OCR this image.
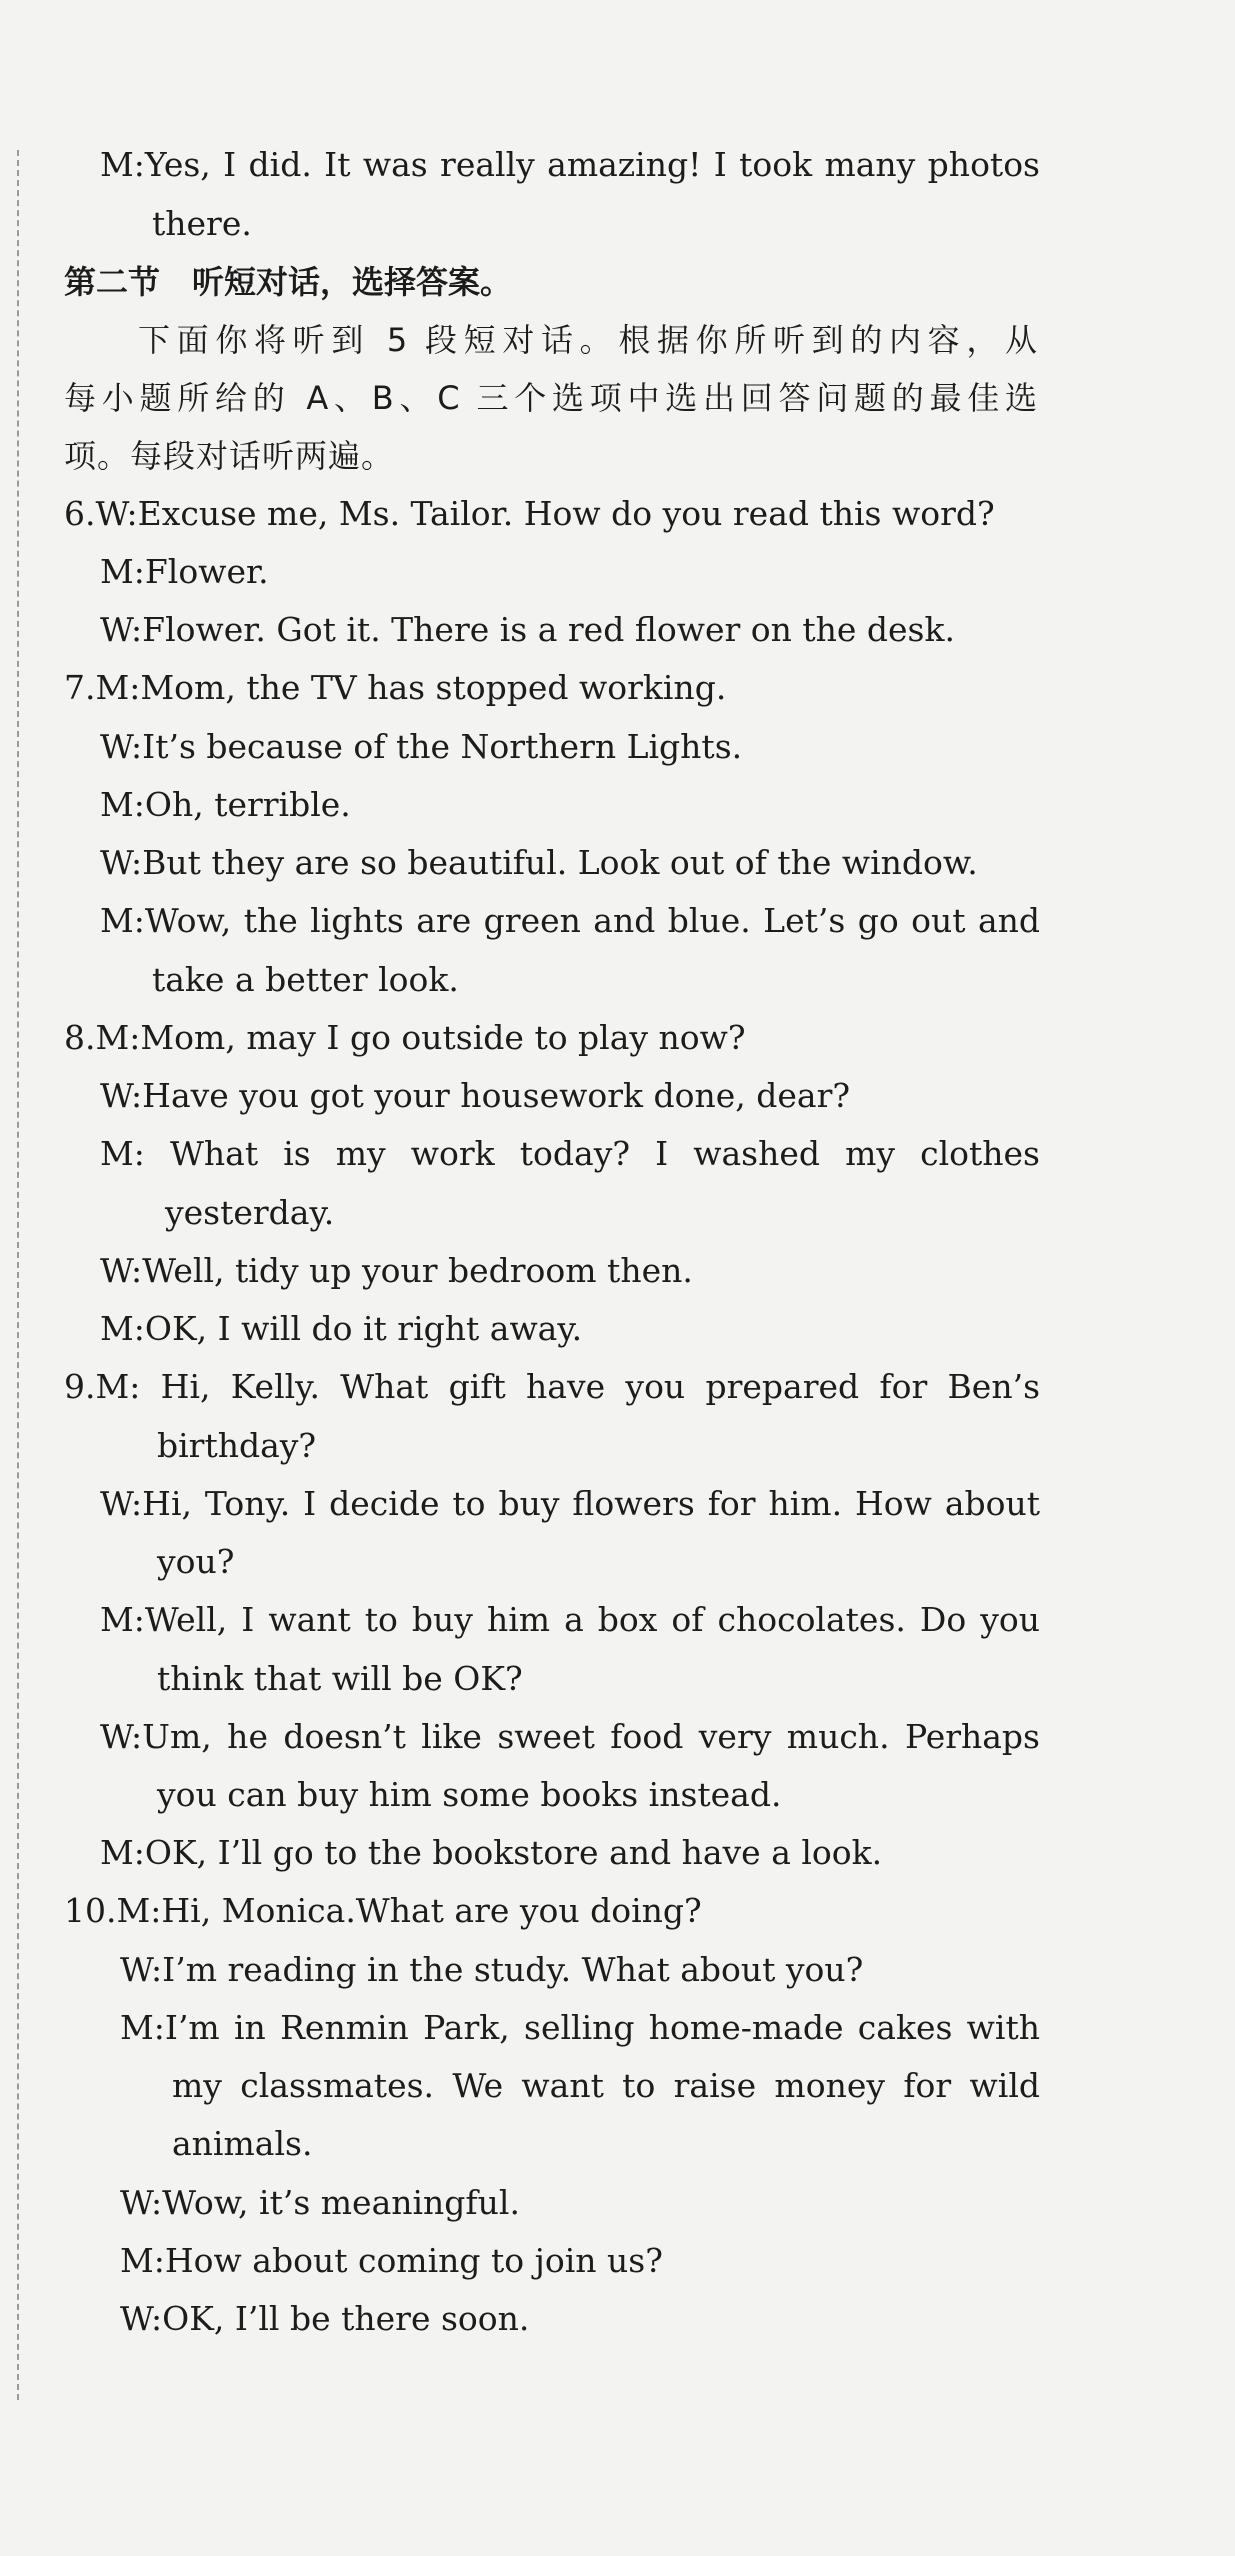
M:Yes, I did. It was really amazing! I took many photos

there.

第二节　听短对话，选择答案。

下面你将听到 5 段短对话。根据你所听到的内容，从

每小题所给的 A、B、C 三个选项中选出回答问题的最佳选

项。每段对话听两遍。

6.W:Excuse me, Ms. Tailor. How do you read this word?

M:Flower.

W:Flower. Got it. There is a red flower on the desk.

7.M:Mom, the TV has stopped working.

W:It’s because of the Northern Lights.

M:Oh, terrible.

W:But they are so beautiful. Look out of the window.

M:Wow, the lights are green and blue. Let’s go out and

take a better look.

8.M:Mom, may I go outside to play now?

W:Have you got your housework done, dear?

M: What is my work today? I washed my clothes

yesterday.

W:Well, tidy up your bedroom then.

M:OK, I will do it right away.

9.M: Hi, Kelly. What gift have you prepared for Ben’s

birthday?

W:Hi, Tony. I decide to buy flowers for him. How about

you?

M:Well, I want to buy him a box of chocolates. Do you

think that will be OK?

W:Um, he doesn’t like sweet food very much. Perhaps

you can buy him some books instead.

M:OK, I’ll go to the bookstore and have a look.

10.M:Hi, Monica.What are you doing?

W:I’m reading in the study. What about you?

M:I’m in Renmin Park, selling home-made cakes with

my classmates. We want to raise money for wild

animals.

W:Wow, it’s meaningful.

M:How about coming to join us?

W:OK, I’ll be there soon.
